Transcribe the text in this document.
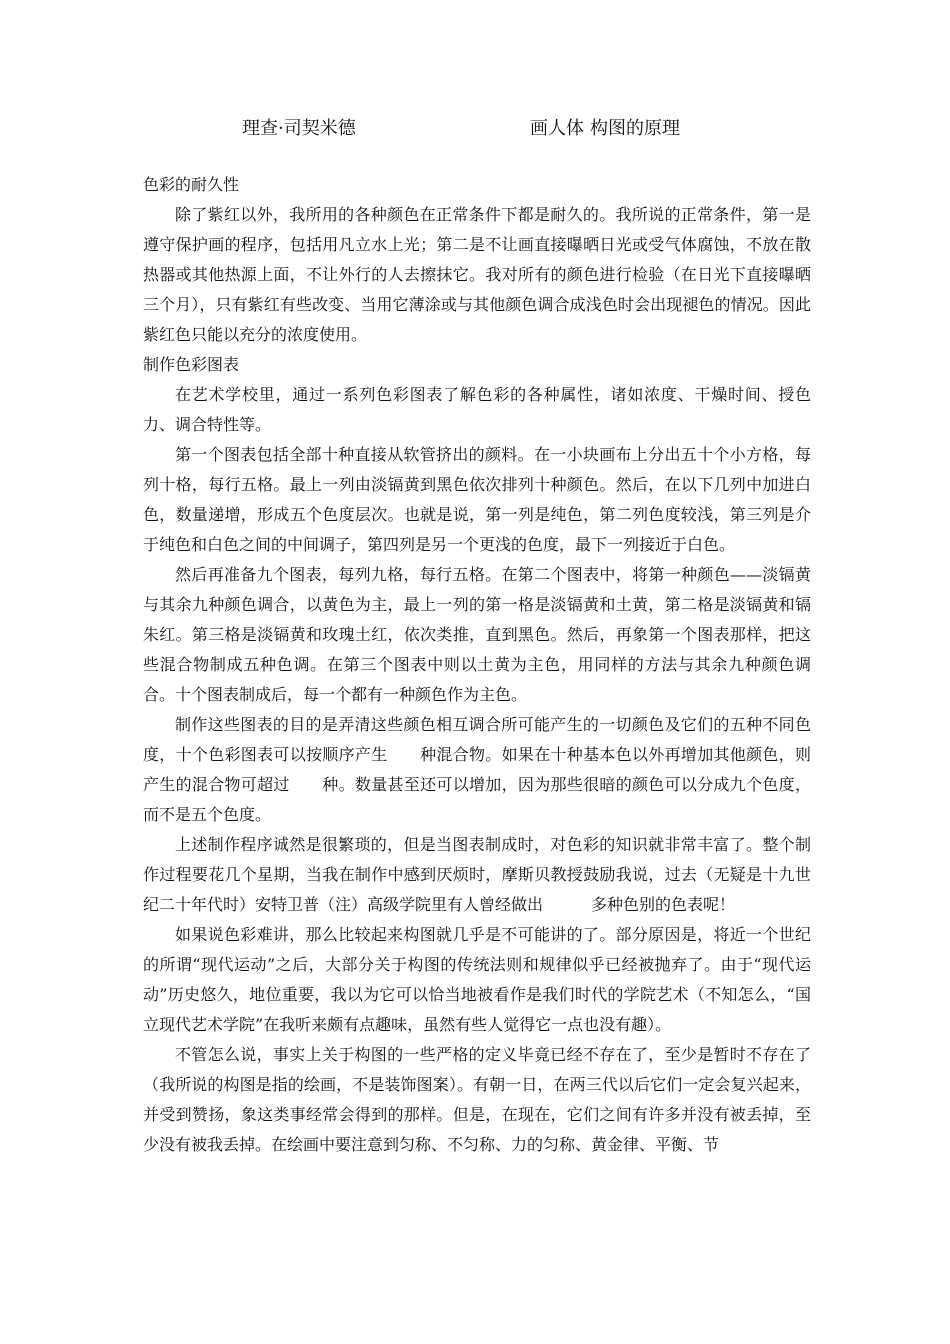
理查·司契米德	画人体 构图的原理

色彩的耐久性

除了紫红以外，我所用的各种颜色在正常条件下都是耐久的。我所说的正常条件，第一是遵守保护画的程序，包括用凡立水上光；第二是不让画直接曝晒日光或受气体腐蚀，不放在散热器或其他热源上面，不让外行的人去擦抹它。我对所有的颜色进行检验（在日光下直接曝晒三个月），只有紫红有些改变、当用它薄涂或与其他颜色调合成浅色时会出现褪色的情况。因此紫红色只能以充分的浓度使用。

制作色彩图表

在艺术学校里，通过一系列色彩图表了解色彩的各种属性，诸如浓度、干燥时间、授色力、调合特性等。

第一个图表包括全部十种直接从软管挤出的颜料。在一小块画布上分出五十个小方格，每列十格，每行五格。最上一列由淡镉黄到黑色依次排列十种颜色。然后，在以下几列中加进白色，数量递增，形成五个色度层次。也就是说，第一列是纯色，第二列色度较浅，第三列是介于纯色和白色之间的中间调子，第四列是另一个更浅的色度，最下一列接近于白色。

然后再准备九个图表，每列九格，每行五格。在第二个图表中，将第一种颜色——淡镉黄与其余九种颜色调合，以黄色为主，最上一列的第一格是淡镉黄和土黄，第二格是淡镉黄和镉朱红。第三格是淡镉黄和玫瑰土红，依次类推，直到黑色。然后，再象第一个图表那样，把这些混合物制成五种色调。在第三个图表中则以土黄为主色，用同样的方法与其余九种颜色调合。十个图表制成后，每一个都有一种颜色作为主色。

制作这些图表的目的是弄清这些颜色相互调合所可能产生的一切颜色及它们的五种不同色度，十个色彩图表可以按顺序产生　　种混合物。如果在十种基本色以外再增加其他颜色，则产生的混合物可超过　　种。数量甚至还可以增加，因为那些很暗的颜色可以分成九个色度，而不是五个色度。

上述制作程序诚然是很繁琐的，但是当图表制成时，对色彩的知识就非常丰富了。整个制作过程要花几个星期，当我在制作中感到厌烦时，摩斯贝教授鼓励我说，过去（无疑是十九世纪二十年代时）安特卫普（注）高级学院里有人曾经做出　　　多种色别的色表呢！

如果说色彩难讲，那么比较起来构图就几乎是不可能讲的了。部分原因是，将近一个世纪的所谓“现代运动”之后，大部分关于构图的传统法则和规律似乎已经被抛弃了。由于“现代运动”历史悠久，地位重要，我以为它可以恰当地被看作是我们时代的学院艺术（不知怎么，“国立现代艺术学院”在我听来颇有点趣味，虽然有些人觉得它一点也没有趣）。

不管怎么说，事实上关于构图的一些严格的定义毕竟已经不存在了，至少是暂时不存在了（我所说的构图是指的绘画，不是装饰图案）。有朝一日，在两三代以后它们一定会复兴起来，并受到赞扬，象这类事经常会得到的那样。但是，在现在，它们之间有许多并没有被丢掉，至少没有被我丢掉。在绘画中要注意到匀称、不匀称、力的匀称、黄金律、平衡、节
